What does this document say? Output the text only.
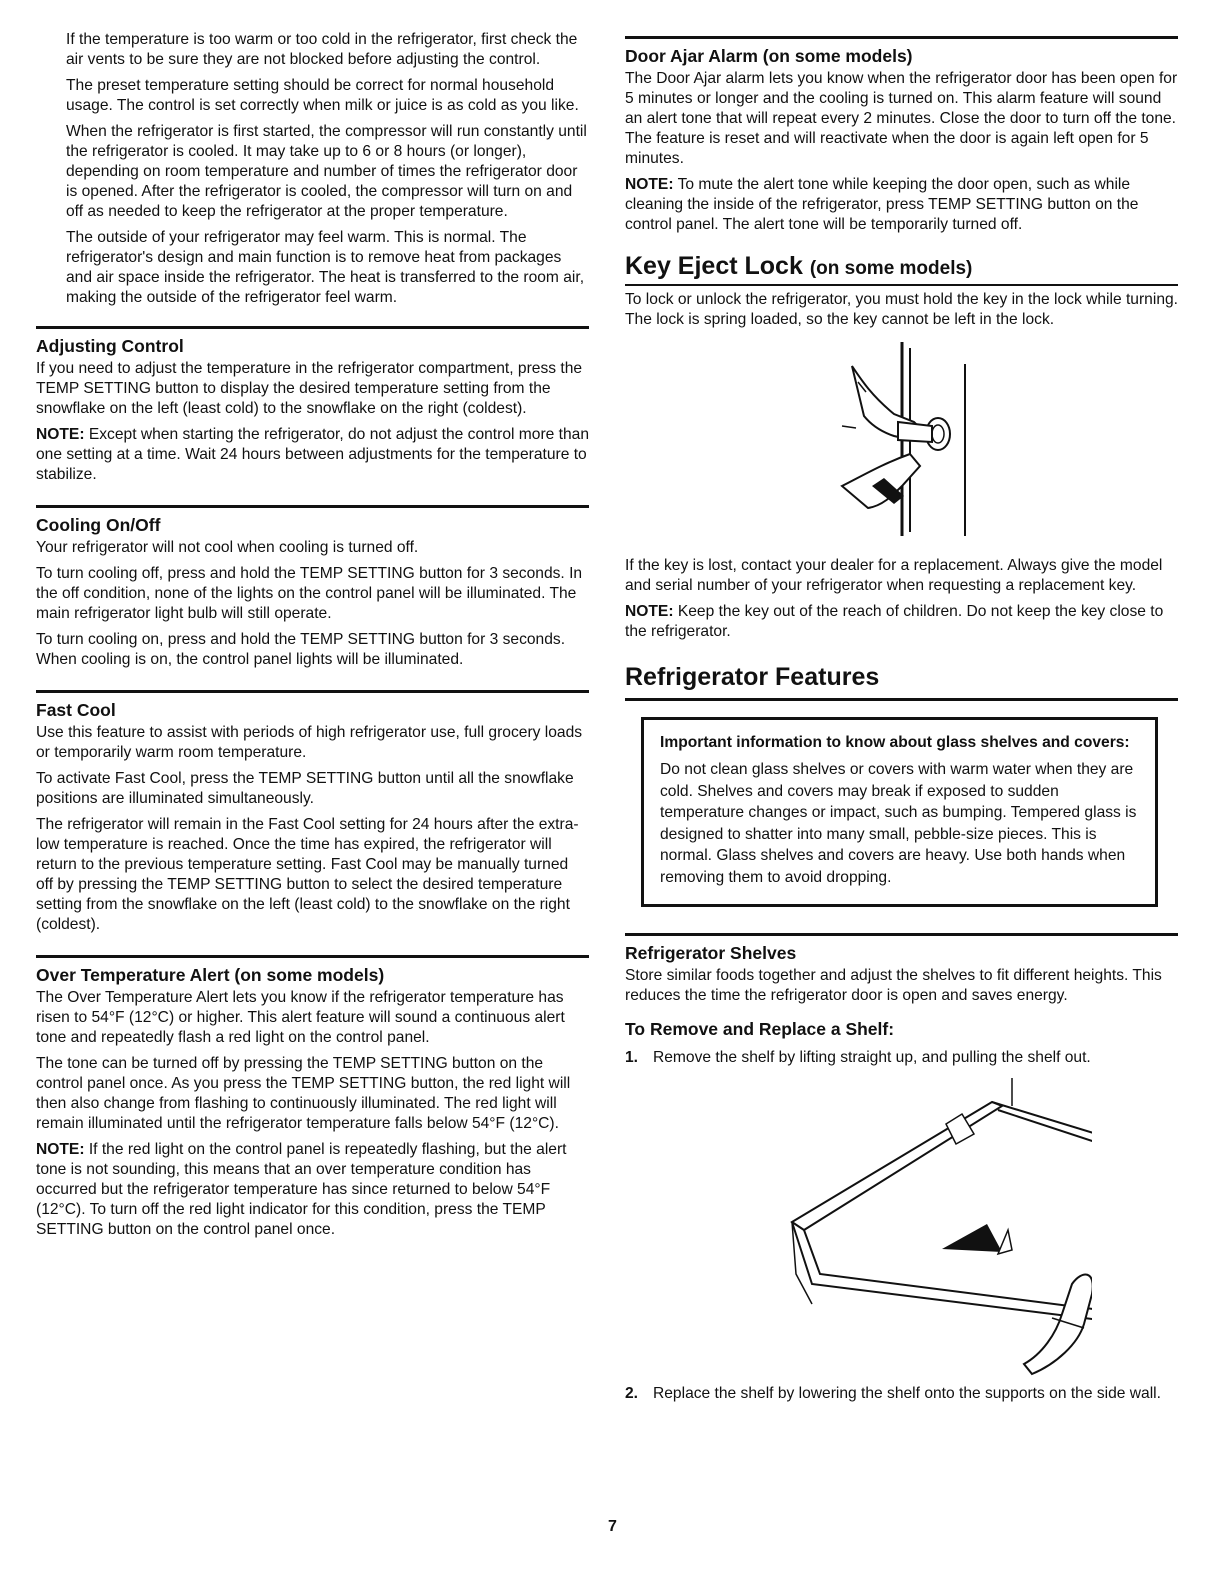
If the temperature is too warm or too cold in the refrigerator, first check the air vents to be sure they are not blocked before adjusting the control.

The preset temperature setting should be correct for normal household usage. The control is set correctly when milk or juice is as cold as you like.

When the refrigerator is first started, the compressor will run constantly until the refrigerator is cooled. It may take up to 6 or 8 hours (or longer), depending on room temperature and number of times the refrigerator door is opened. After the refrigerator is cooled, the compressor will turn on and off as needed to keep the refrigerator at the proper temperature.

The outside of your refrigerator may feel warm. This is normal. The refrigerator's design and main function is to remove heat from packages and air space inside the refrigerator. The heat is transferred to the room air, making the outside of the refrigerator feel warm.

Adjusting Control

If you need to adjust the temperature in the refrigerator compartment, press the TEMP SETTING button to display the desired temperature setting from the snowflake on the left (least cold) to the snowflake on the right (coldest).

NOTE: Except when starting the refrigerator, do not adjust the control more than one setting at a time. Wait 24 hours between adjustments for the temperature to stabilize.

Cooling On/Off

Your refrigerator will not cool when cooling is turned off.

To turn cooling off, press and hold the TEMP SETTING button for 3 seconds. In the off condition, none of the lights on the control panel will be illuminated. The main refrigerator light bulb will still operate.

To turn cooling on, press and hold the TEMP SETTING button for 3 seconds. When cooling is on, the control panel lights will be illuminated.

Fast Cool

Use this feature to assist with periods of high refrigerator use, full grocery loads or temporarily warm room temperature.

To activate Fast Cool, press the TEMP SETTING button until all the snowflake positions are illuminated simultaneously.

The refrigerator will remain in the Fast Cool setting for 24 hours after the extra-low temperature is reached. Once the time has expired, the refrigerator will return to the previous temperature setting. Fast Cool may be manually turned off by pressing the TEMP SETTING button to select the desired temperature setting from the snowflake on the left (least cold) to the snowflake on the right (coldest).

Over Temperature Alert (on some models)

The Over Temperature Alert lets you know if the refrigerator temperature has risen to 54°F (12°C) or higher. This alert feature will sound a continuous alert tone and repeatedly flash a red light on the control panel.

The tone can be turned off by pressing the TEMP SETTING button on the control panel once. As you press the TEMP SETTING button, the red light will then also change from flashing to continuously illuminated. The red light will remain illuminated until the refrigerator temperature falls below 54°F (12°C).

NOTE: If the red light on the control panel is repeatedly flashing, but the alert tone is not sounding, this means that an over temperature condition has occurred but the refrigerator temperature has since returned to below 54°F (12°C). To turn off the red light indicator for this condition, press the TEMP SETTING button on the control panel once.

Door Ajar Alarm (on some models)

The Door Ajar alarm lets you know when the refrigerator door has been open for 5 minutes or longer and the cooling is turned on. This alarm feature will sound an alert tone that will repeat every 2 minutes. Close the door to turn off the tone. The feature is reset and will reactivate when the door is again left open for 5 minutes.

NOTE: To mute the alert tone while keeping the door open, such as while cleaning the inside of the refrigerator, press TEMP SETTING button on the control panel. The alert tone will be temporarily turned off.

Key Eject Lock (on some models)

To lock or unlock the refrigerator, you must hold the key in the lock while turning. The lock is spring loaded, so the key cannot be left in the lock.

If the key is lost, contact your dealer for a replacement. Always give the model and serial number of your refrigerator when requesting a replacement key.

NOTE: Keep the key out of the reach of children. Do not keep the key close to the refrigerator.

Refrigerator Features
Important information to know about glass shelves and covers:

Do not clean glass shelves or covers with warm water when they are cold. Shelves and covers may break if exposed to sudden temperature changes or impact, such as bumping. Tempered glass is designed to shatter into many small, pebble-size pieces. This is normal. Glass shelves and covers are heavy. Use both hands when removing them to avoid dropping.

Refrigerator Shelves

Store similar foods together and adjust the shelves to fit different heights. This reduces the time the refrigerator door is open and saves energy.

To Remove and Replace a Shelf:
1. Remove the shelf by lifting straight up, and pulling the shelf out.
2. Replace the shelf by lowering the shelf onto the supports on the side wall.
7
